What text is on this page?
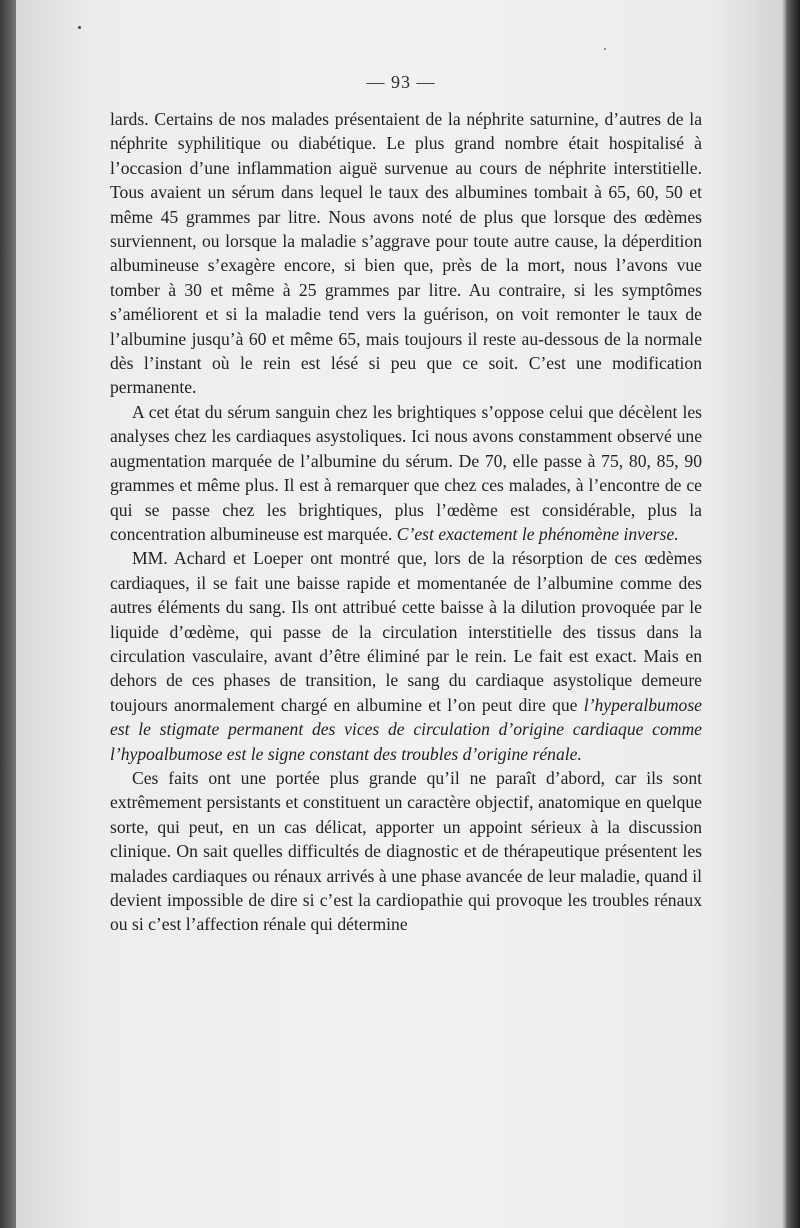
— 93 —

lards. Certains de nos malades présentaient de la néphrite saturnine, d’autres de la néphrite syphilitique ou diabétique. Le plus grand nombre était hospitalisé à l’occasion d’une inflammation aiguë survenue au cours de néphrite interstitielle. Tous avaient un sérum dans lequel le taux des albumines tombait à 65, 60, 50 et même 45 grammes par litre. Nous avons noté de plus que lorsque des œdèmes surviennent, ou lorsque la maladie s’aggrave pour toute autre cause, la déperdition albumineuse s’exagère encore, si bien que, près de la mort, nous l’avons vue tomber à 30 et même à 25 grammes par litre. Au contraire, si les symptômes s’améliorent et si la maladie tend vers la guérison, on voit remonter le taux de l’albumine jusqu’à 60 et même 65, mais toujours il reste au-dessous de la normale dès l’instant où le rein est lésé si peu que ce soit. C’est une modification permanente.

A cet état du sérum sanguin chez les brightiques s’oppose celui que décèlent les analyses chez les cardiaques asystoliques. Ici nous avons constamment observé une augmentation marquée de l’albumine du sérum. De 70, elle passe à 75, 80, 85, 90 grammes et même plus. Il est à remarquer que chez ces malades, à l’encontre de ce qui se passe chez les brightiques, plus l’œdème est considérable, plus la concentration albumineuse est marquée. C’est exactement le phénomène inverse.

MM. Achard et Loeper ont montré que, lors de la résorption de ces œdèmes cardiaques, il se fait une baisse rapide et momentanée de l’albumine comme des autres éléments du sang. Ils ont attribué cette baisse à la dilution provoquée par le liquide d’œdème, qui passe de la circulation interstitielle des tissus dans la circulation vasculaire, avant d’être éliminé par le rein. Le fait est exact. Mais en dehors de ces phases de transition, le sang du cardiaque asystolique demeure toujours anormalement chargé en albumine et l’on peut dire que l’hyperalbumose est le stigmate permanent des vices de circulation d’origine cardiaque comme l’hypoalbumose est le signe constant des troubles d’origine rénale.

Ces faits ont une portée plus grande qu’il ne paraît d’abord, car ils sont extrêmement persistants et constituent un caractère objectif, anatomique en quelque sorte, qui peut, en un cas délicat, apporter un appoint sérieux à la discussion clinique. On sait quelles difficultés de diagnostic et de thérapeutique présentent les malades cardiaques ou rénaux arrivés à une phase avancée de leur maladie, quand il devient impossible de dire si c’est la cardiopathie qui provoque les troubles rénaux ou si c’est l’affection rénale qui détermine
